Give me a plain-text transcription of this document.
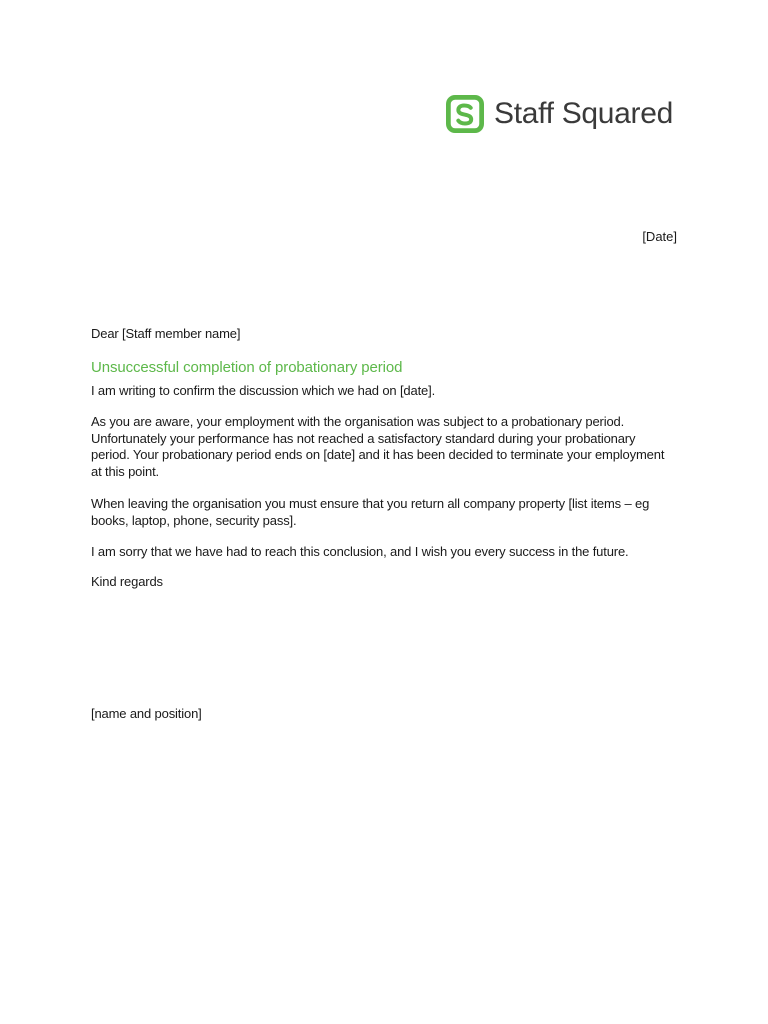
Staff Squared
[Date]
Dear [Staff member name]
Unsuccessful completion of probationary period
I am writing to confirm the discussion which we had on [date].
As you are aware, your employment with the organisation was subject to a probationary period.
Unfortunately your performance has not reached a satisfactory standard during your probationary
period. Your probationary period ends on [date] and it has been decided to terminate your employment
at this point.
When leaving the organisation you must ensure that you return all company property [list items – eg
books, laptop, phone, security pass].
I am sorry that we have had to reach this conclusion, and I wish you every success in the future.
Kind regards
[name and position]
